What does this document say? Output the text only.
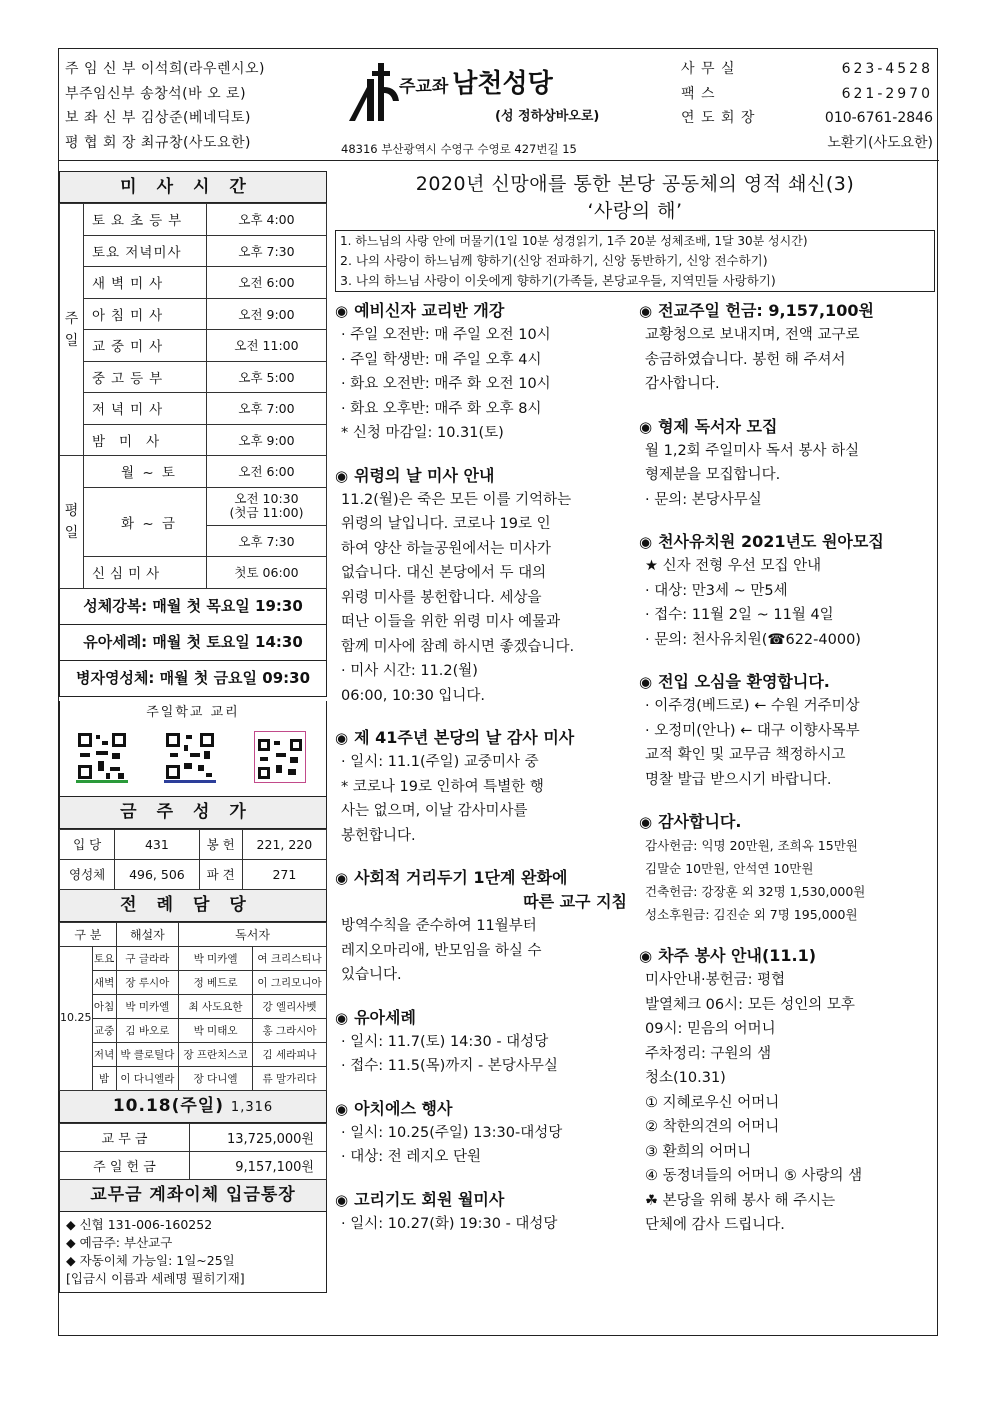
주 임 신 부 이석희(라우렌시오)
부주임신부 송창석(바 오 로)
보 좌 신 부 김상준(베네딕토)
평 협 회 장 최규창(사도요한)
주교좌 남천성당
(성 정하상바오로)
48316 부산광역시 수영구 수영로 427번길 15
사 무 실	623-4528
팩 스	621-2970
연 도 회 장	010-6761-2846
노환기(사도요한)
미사시간
주일	토요초등부	오후 4:00
	토요 저녁미사	오후 7:30
	새벽미사	오전 6:00
	아침미사	오전 9:00
	교중미사	오전 11:00
	중고등부	오후 5:00
	저녁미사	오후 7:00
	밤미사	오후 9:00
평일	월 ~ 토	오전 6:00
	화 ~ 금	오전 10:30
(첫금 11:00)

		오후 7:30
	신심미사	첫토 06:00
성체강복: 매월 첫 목요일 19:30
유아세례: 매월 첫 토요일 14:30
병자영성체: 매월 첫 금요일 09:30
주일학교 교리
금주성가
입 당	431	봉 헌	221, 220
영성체	496, 506	파 견	271
전례담당
구 분		해설자	독서자	
10.25	토요	구 글라라	박 미카엘	여 크리스티나
	새벽	장 루시아	정 베드로	이 그리모니아
	아침	박 미카엘	최 사도요한	강 엘리사벳
	교중	김 바오로	박 미태오	홍 그라시아
	저녁	박 클로틸다	장 프란치스코	김 세라피나
	밤	이 다니엘라	장 다니엘	류 말가리다
10.18(주일) 1,316
교 무 금	13,725,000원
주 일 헌 금	9,157,100원
교무금 계좌이체 입금통장
◆ 신협 131-006-160252
◆ 예금주: 부산교구
◆ 자동이체 가능일: 1일~25일
[입금시 이름과 세례명 필히기재]
2020년 신망애를 통한 본당 공동체의 영적 쇄신(3)
‘사랑의 해’
1. 하느님의 사랑 안에 머물기(1일 10분 성경읽기, 1주 20분 성체조배, 1달 30분 성시간)
2. 나의 사랑이 하느님께 향하기(신앙 전파하기, 신앙 동반하기, 신앙 전수하기)
3. 나의 하느님 사랑이 이웃에게 향하기(가족들, 본당교우들, 지역민들 사랑하기)
◉ 예비신자 교리반 개강
· 주일 오전반: 매 주일 오전 10시
· 주일 학생반: 매 주일 오후 4시
· 화요 오전반: 매주 화 오전 10시
· 화요 오후반: 매주 화 오후 8시
* 신청 마감일: 10.31(토)
◉ 위령의 날 미사 안내
11.2(월)은 죽은 모든 이를 기억하는
위령의 날입니다. 코로나 19로 인
하여 양산 하늘공원에서는 미사가
없습니다. 대신 본당에서 두 대의
위령 미사를 봉헌합니다. 세상을
떠난 이들을 위한 위령 미사 예물과
함께 미사에 참례 하시면 좋겠습니다.
· 미사 시간: 11.2(월)
06:00, 10:30 입니다.
◉ 제 41주년 본당의 날 감사 미사
· 일시: 11.1(주일) 교중미사 중
* 코로나 19로 인하여 특별한 행
사는 없으며, 이날 감사미사를
봉헌합니다.
◉ 사회적 거리두기 1단계 완화에
따른 교구 지침
방역수칙을 준수하여 11월부터
레지오마리애, 반모임을 하실 수
있습니다.
◉ 유아세례
· 일시: 11.7(토) 14:30 - 대성당
· 접수: 11.5(목)까지 - 본당사무실
◉ 아치에스 행사
· 일시: 10.25(주일) 13:30-대성당
· 대상: 전 레지오 단원
◉ 고리기도 회원 월미사
· 일시: 10.27(화) 19:30 - 대성당
◉ 전교주일 헌금: 9,157,100원
교황청으로 보내지며, 전액 교구로
송금하였습니다. 봉헌 해 주셔서
감사합니다.
◉ 형제 독서자 모집
월 1,2회 주일미사 독서 봉사 하실
형제분을 모집합니다.
· 문의: 본당사무실
◉ 천사유치원 2021년도 원아모집
★ 신자 전형 우선 모집 안내
· 대상: 만3세 ~ 만5세
· 접수: 11월 2일 ~ 11월 4일
· 문의: 천사유치원(☎622-4000)
◉ 전입 오심을 환영합니다.
· 이주경(베드로) ← 수원 거주미상
· 오정미(안나) ← 대구 이향사목부
교적 확인 및 교무금 책정하시고
명찰 발급 받으시기 바랍니다.
◉ 감사합니다.
감사헌금: 익명 20만원, 조희옥 15만원
김말순 10만원, 안석연 10만원
건축헌금: 강장훈 외 32명 1,530,000원
성소후원금: 김진순 외 7명 195,000원
◉ 차주 봉사 안내(11.1)
미사안내·봉헌금: 평협
발열체크 06시: 모든 성인의 모후
09시: 믿음의 어머니
주차정리: 구원의 샘
청소(10.31)
① 지혜로우신 어머니
② 착한의견의 어머니
③ 환희의 어머니
④ 동정녀들의 어머니 ⑤ 사랑의 샘
☘ 본당을 위해 봉사 해 주시는
단체에 감사 드립니다.
